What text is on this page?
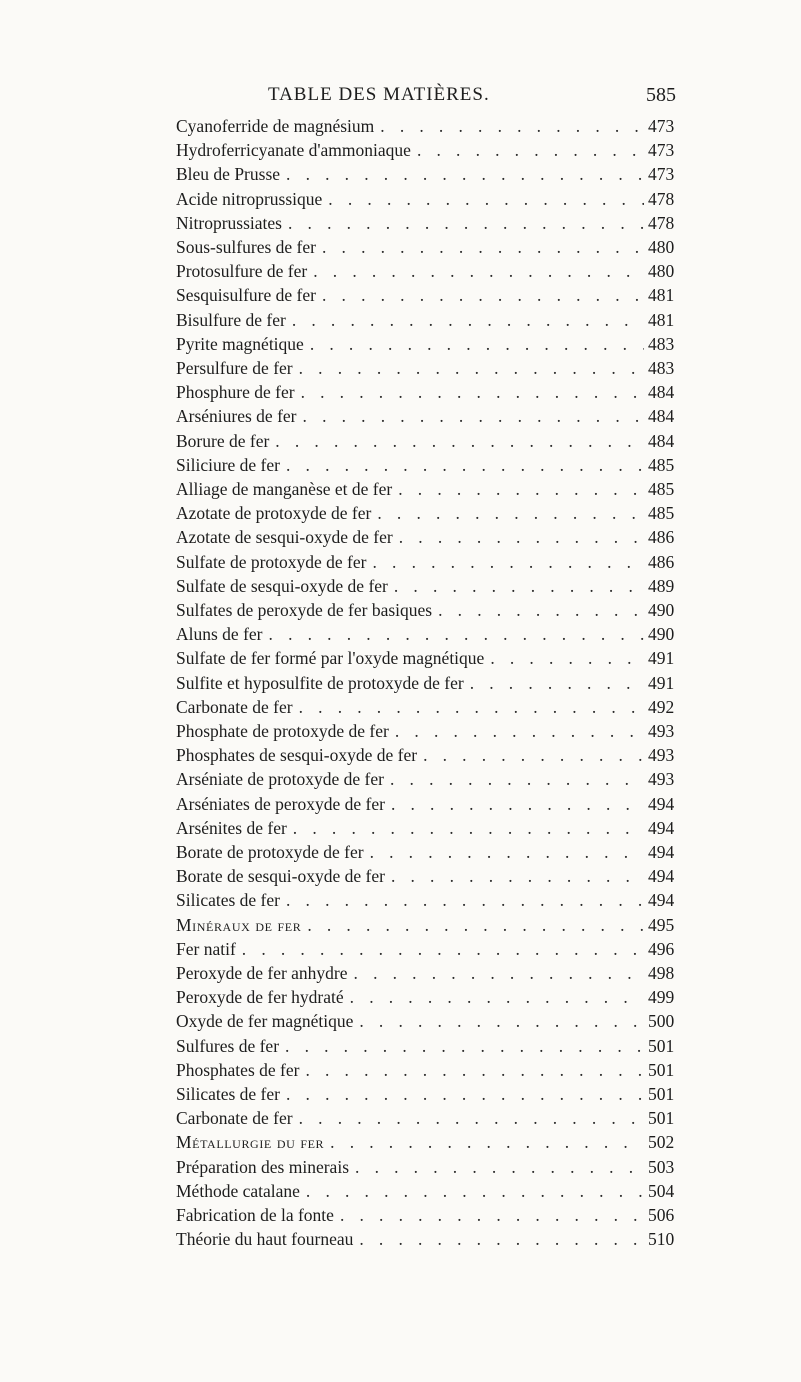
TABLE DES MATIÈRES.	585
Cyanoferride de magnésium . . .	473
Hydroferricyanate d'ammoniaque . . .	473
Bleu de Prusse . . .	473
Acide nitroprussique . . .	478
Nitroprussiates . . .	478
Sous-sulfures de fer . . .	480
Protosulfure de fer . . .	480
Sesquisulfure de fer . . .	481
Bisulfure de fer . . .	481
Pyrite magnétique . . .	483
Persulfure de fer . . .	483
Phosphure de fer . . .	484
Arséniures de fer . . .	484
Borure de fer . . .	484
Siliciure de fer . . .	485
Alliage de manganèse et de fer . . .	485
Azotate de protoxyde de fer . . .	485
Azotate de sesqui-oxyde de fer . . .	486
Sulfate de protoxyde de fer . . .	486
Sulfate de sesqui-oxyde de fer . . .	489
Sulfates de peroxyde de fer basiques . . .	490
Aluns de fer . . .	490
Sulfate de fer formé par l'oxyde magnétique . . .	491
Sulfite et hyposulfite de protoxyde de fer . . .	491
Carbonate de fer . . .	492
Phosphate de protoxyde de fer . . .	493
Phosphates de sesqui-oxyde de fer . . .	493
Arséniate de protoxyde de fer . . .	493
Arséniates de peroxyde de fer . . .	494
Arsénites de fer . . .	494
Borate de protoxyde de fer . . .	494
Borate de sesqui-oxyde de fer . . .	494
Silicates de fer . . .	494
Minéraux de fer . . .	495
Fer natif . . .	496
Peroxyde de fer anhydre . . .	498
Peroxyde de fer hydraté . . .	499
Oxyde de fer magnétique . . .	500
Sulfures de fer . . .	501
Phosphates de fer . . .	501
Silicates de fer . . .	501
Carbonate de fer . . .	501
Métallurgie du fer . . .	502
Préparation des minerais . . .	503
Méthode catalane . . .	504
Fabrication de la fonte . . .	506
Théorie du haut fourneau . . .	510
